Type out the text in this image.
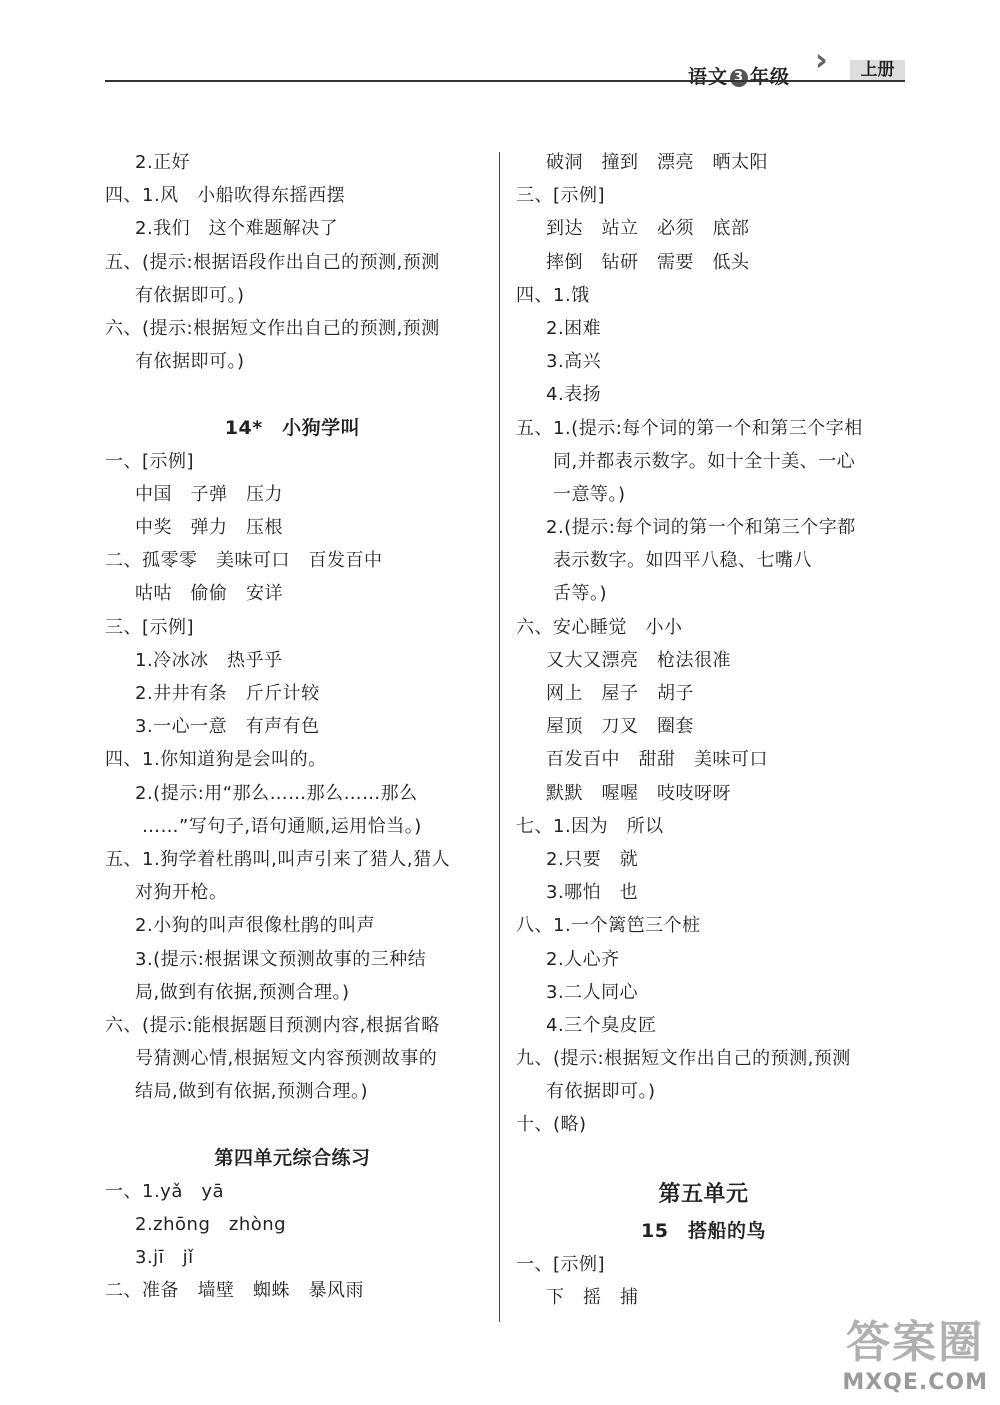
语文 3 年级 ››	上册
2.正好
四、1.风　小船吹得东摇西摆
2.我们　这个难题解决了
五、(提示:根据语段作出自己的预测,预测
有依据即可。)
六、(提示:根据短文作出自己的预测,预测
有依据即可。)
14*　小狗学叫
一、[示例]
中国　子弹　压力
中奖　弹力　压根
二、孤零零　美味可口　百发百中
咕咕　偷偷　安详
三、[示例]
1.冷冰冰　热乎乎
2.井井有条　斤斤计较
3.一心一意　有声有色
四、1.你知道狗是会叫的。
2.(提示:用“那么……那么……那么
……”写句子,语句通顺,运用恰当。)
五、1.狗学着杜鹃叫,叫声引来了猎人,猎人
对狗开枪。
2.小狗的叫声很像杜鹃的叫声
3.(提示:根据课文预测故事的三种结
局,做到有依据,预测合理。)
六、(提示:能根据题目预测内容,根据省略
号猜测心情,根据短文内容预测故事的
结局,做到有依据,预测合理。)
第四单元综合练习
一、1.yǎ　yā
2.zhōng　zhòng
3.jī　jǐ
二、准备　墙壁　蜘蛛　暴风雨
破洞　撞到　漂亮　晒太阳
三、[示例]
到达　站立　必须　底部
摔倒　钻研　需要　低头
四、1.饿
2.困难
3.高兴
4.表扬
五、1.(提示:每个词的第一个和第三个字相
同,并都表示数字。如十全十美、一心
一意等。)
2.(提示:每个词的第一个和第三个字都
表示数字。如四平八稳、七嘴八
舌等。)
六、安心睡觉　小小
又大又漂亮　枪法很准
网上　屋子　胡子
屋顶　刀叉　圈套
百发百中　甜甜　美味可口
默默　喔喔　吱吱呀呀
七、1.因为　所以
2.只要　就
3.哪怕　也
八、1.一个篱笆三个桩
2.人心齐
3.二人同心
4.三个臭皮匠
九、(提示:根据短文作出自己的预测,预测
有依据即可。)
十、(略)
第五单元
15　搭船的鸟
一、[示例]
下　摇　捕
答案圈
MXQE.COM
